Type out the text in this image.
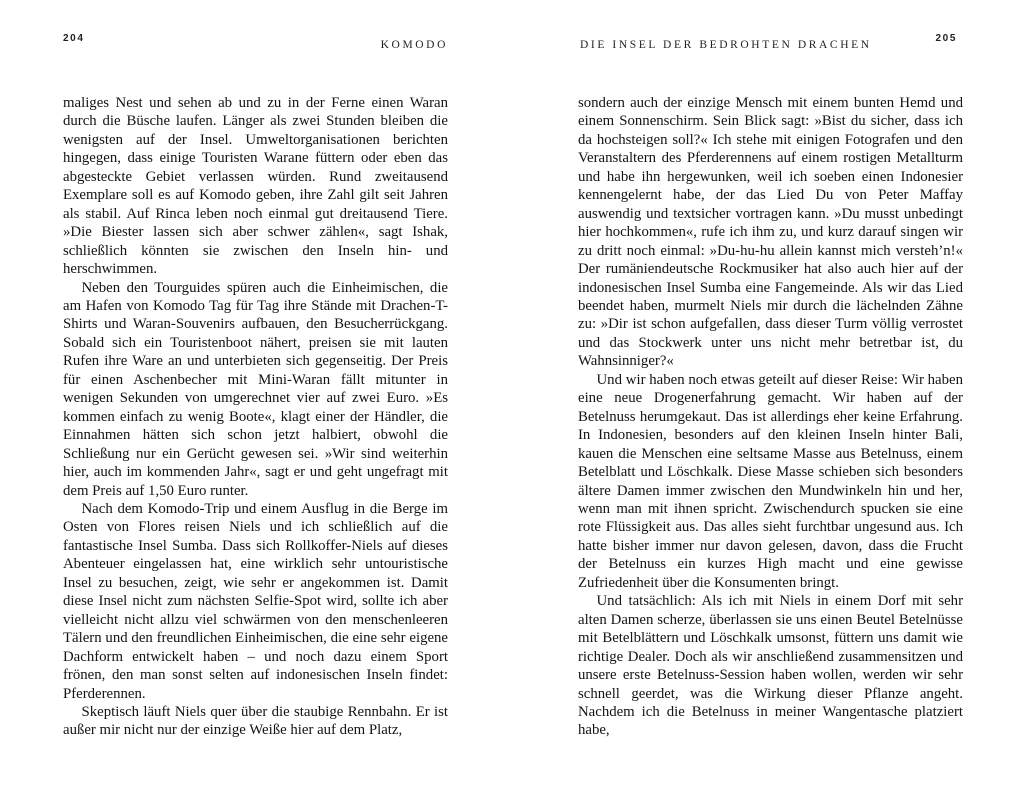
204
KOMODO

maliges Nest und sehen ab und zu in der Ferne einen Waran durch die Büsche laufen. Länger als zwei Stunden bleiben die wenigsten auf der Insel. Umweltorganisationen berichten hingegen, dass einige Touristen Warane füttern oder eben das abgesteckte Gebiet verlassen würden. Rund zweitausend Exemplare soll es auf Komodo geben, ihre Zahl gilt seit Jahren als stabil. Auf Rinca leben noch einmal gut dreitausend Tiere. »Die Biester lassen sich aber schwer zählen«, sagt Ishak, schließlich könnten sie zwischen den Inseln hin- und herschwimmen.

Neben den Tourguides spüren auch die Einheimischen, die am Hafen von Komodo Tag für Tag ihre Stände mit Drachen-T-Shirts und Waran-Souvenirs aufbauen, den Besucherrückgang. Sobald sich ein Touristenboot nähert, preisen sie mit lauten Rufen ihre Ware an und unterbieten sich gegenseitig. Der Preis für einen Aschenbecher mit Mini-Waran fällt mitunter in wenigen Sekunden von umgerechnet vier auf zwei Euro. »Es kommen einfach zu wenig Boote«, klagt einer der Händler, die Einnahmen hätten sich schon jetzt halbiert, obwohl die Schließung nur ein Gerücht gewesen sei. »Wir sind weiterhin hier, auch im kommenden Jahr«, sagt er und geht ungefragt mit dem Preis auf 1,50 Euro runter.

Nach dem Komodo-Trip und einem Ausflug in die Berge im Osten von Flores reisen Niels und ich schließlich auf die fantastische Insel Sumba. Dass sich Rollkoffer-Niels auf dieses Abenteuer eingelassen hat, eine wirklich sehr untouristische Insel zu besuchen, zeigt, wie sehr er angekommen ist. Damit diese Insel nicht zum nächsten Selfie-Spot wird, sollte ich aber vielleicht nicht allzu viel schwärmen von den menschenleeren Tälern und den freundlichen Einheimischen, die eine sehr eigene Dachform entwickelt haben – und noch dazu einem Sport frönen, den man sonst selten auf indonesischen Inseln findet: Pferderennen.

Skeptisch läuft Niels quer über die staubige Rennbahn. Er ist außer mir nicht nur der einzige Weiße hier auf dem Platz,

DIE INSEL DER BEDROHTEN DRACHEN
205

sondern auch der einzige Mensch mit einem bunten Hemd und einem Sonnenschirm. Sein Blick sagt: »Bist du sicher, dass ich da hochsteigen soll?« Ich stehe mit einigen Fotografen und den Veranstaltern des Pferderennens auf einem rostigen Metallturm und habe ihn hergewunken, weil ich soeben einen Indonesier kennengelernt habe, der das Lied Du von Peter Maffay auswendig und textsicher vortragen kann. »Du musst unbedingt hier hochkommen«, rufe ich ihm zu, und kurz darauf singen wir zu dritt noch einmal: »Du-hu-hu allein kannst mich versteh’n!« Der rumäniendeutsche Rockmusiker hat also auch hier auf der indonesischen Insel Sumba eine Fangemeinde. Als wir das Lied beendet haben, murmelt Niels mir durch die lächelnden Zähne zu: »Dir ist schon aufgefallen, dass dieser Turm völlig verrostet und das Stockwerk unter uns nicht mehr betretbar ist, du Wahnsinniger?«

Und wir haben noch etwas geteilt auf dieser Reise: Wir haben eine neue Drogenerfahrung gemacht. Wir haben auf der Betelnuss herumgekaut. Das ist allerdings eher keine Erfahrung. In Indonesien, besonders auf den kleinen Inseln hinter Bali, kauen die Menschen eine seltsame Masse aus Betelnuss, einem Betelblatt und Löschkalk. Diese Masse schieben sich besonders ältere Damen immer zwischen den Mundwinkeln hin und her, wenn man mit ihnen spricht. Zwischendurch spucken sie eine rote Flüssigkeit aus. Das alles sieht furchtbar ungesund aus. Ich hatte bisher immer nur davon gelesen, davon, dass die Frucht der Betelnuss ein kurzes High macht und eine gewisse Zufriedenheit über die Konsumenten bringt.

Und tatsächlich: Als ich mit Niels in einem Dorf mit sehr alten Damen scherze, überlassen sie uns einen Beutel Betelnüsse mit Betelblättern und Löschkalk umsonst, füttern uns damit wie richtige Dealer. Doch als wir anschließend zusammensitzen und unsere erste Betelnuss-Session haben wollen, werden wir sehr schnell geerdet, was die Wirkung dieser Pflanze angeht. Nachdem ich die Betelnuss in meiner Wangentasche platziert habe,
